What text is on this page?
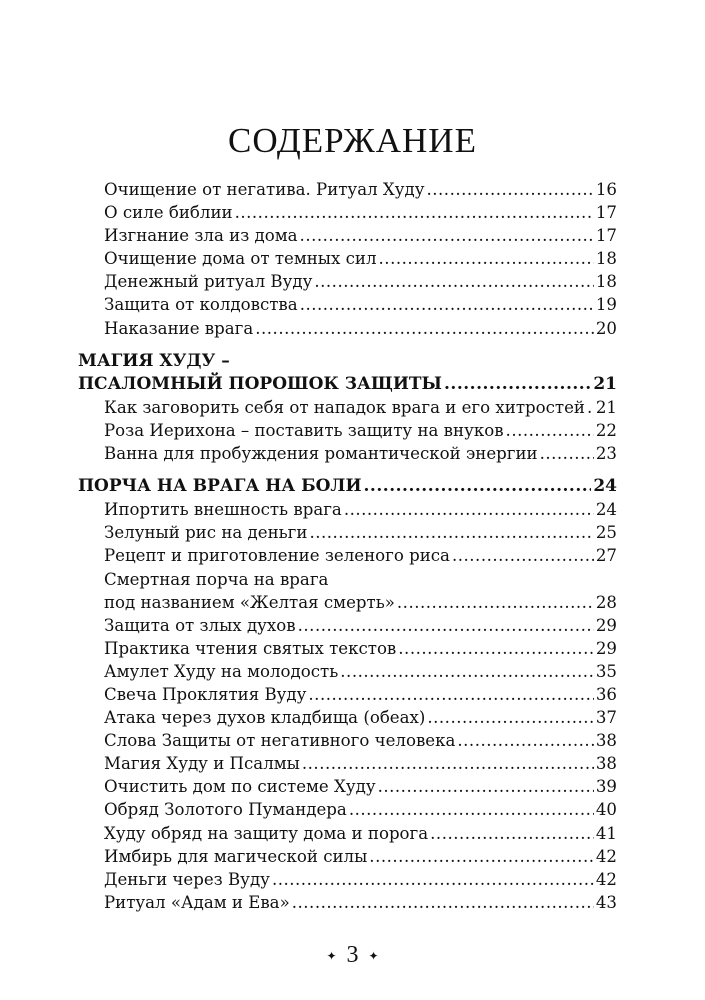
СОДЕРЖАНИЕ
Очищение от негатива. Ритуал Худу .....	16
О силе библии .....	17
Изгнание зла из дома .....	17
Очищение дома от темных сил .....	18
Денежный ритуал Вуду .....	18
Защита от колдовства .....	19
Наказание врага .....	20
МАГИЯ ХУДУ –
ПСАЛОМНЫЙ ПОРОШОК ЗАЩИТЫ .....	21
Как заговорить себя от нападок врага и его хитростей ..... 21
Роза Иерихона – поставить защиту на внуков .....	22
Ванна для пробуждения романтической энергии .....	23
ПОРЧА НА ВРАГА НА БОЛИ .....	24
Ипортить внешность врага .....	24
Зелуный рис на деньги .....	25
Рецепт и приготовление зеленого риса .....	27
Смертная порча на врага
под названием «Желтая смерть» .....	28
Защита от злых духов .....	29
Практика чтения святых текстов .....	29
Амулет Худу на молодость .....	35
Свеча Проклятия Вуду .....	36
Атака через духов кладбища (обеах) .....	37
Слова Защиты от негативного человека .....	38
Магия Худу и Псалмы .....	38
Очистить дом по системе Худу .....	39
Обряд Золотого Пумандера .....	40
Худу обряд на защиту дома и порога .....	41
Имбирь для магической силы .....	42
Деньги через Вуду .....	42
Ритуал «Адам и Ева» .....	43
✦ 3 ✦
